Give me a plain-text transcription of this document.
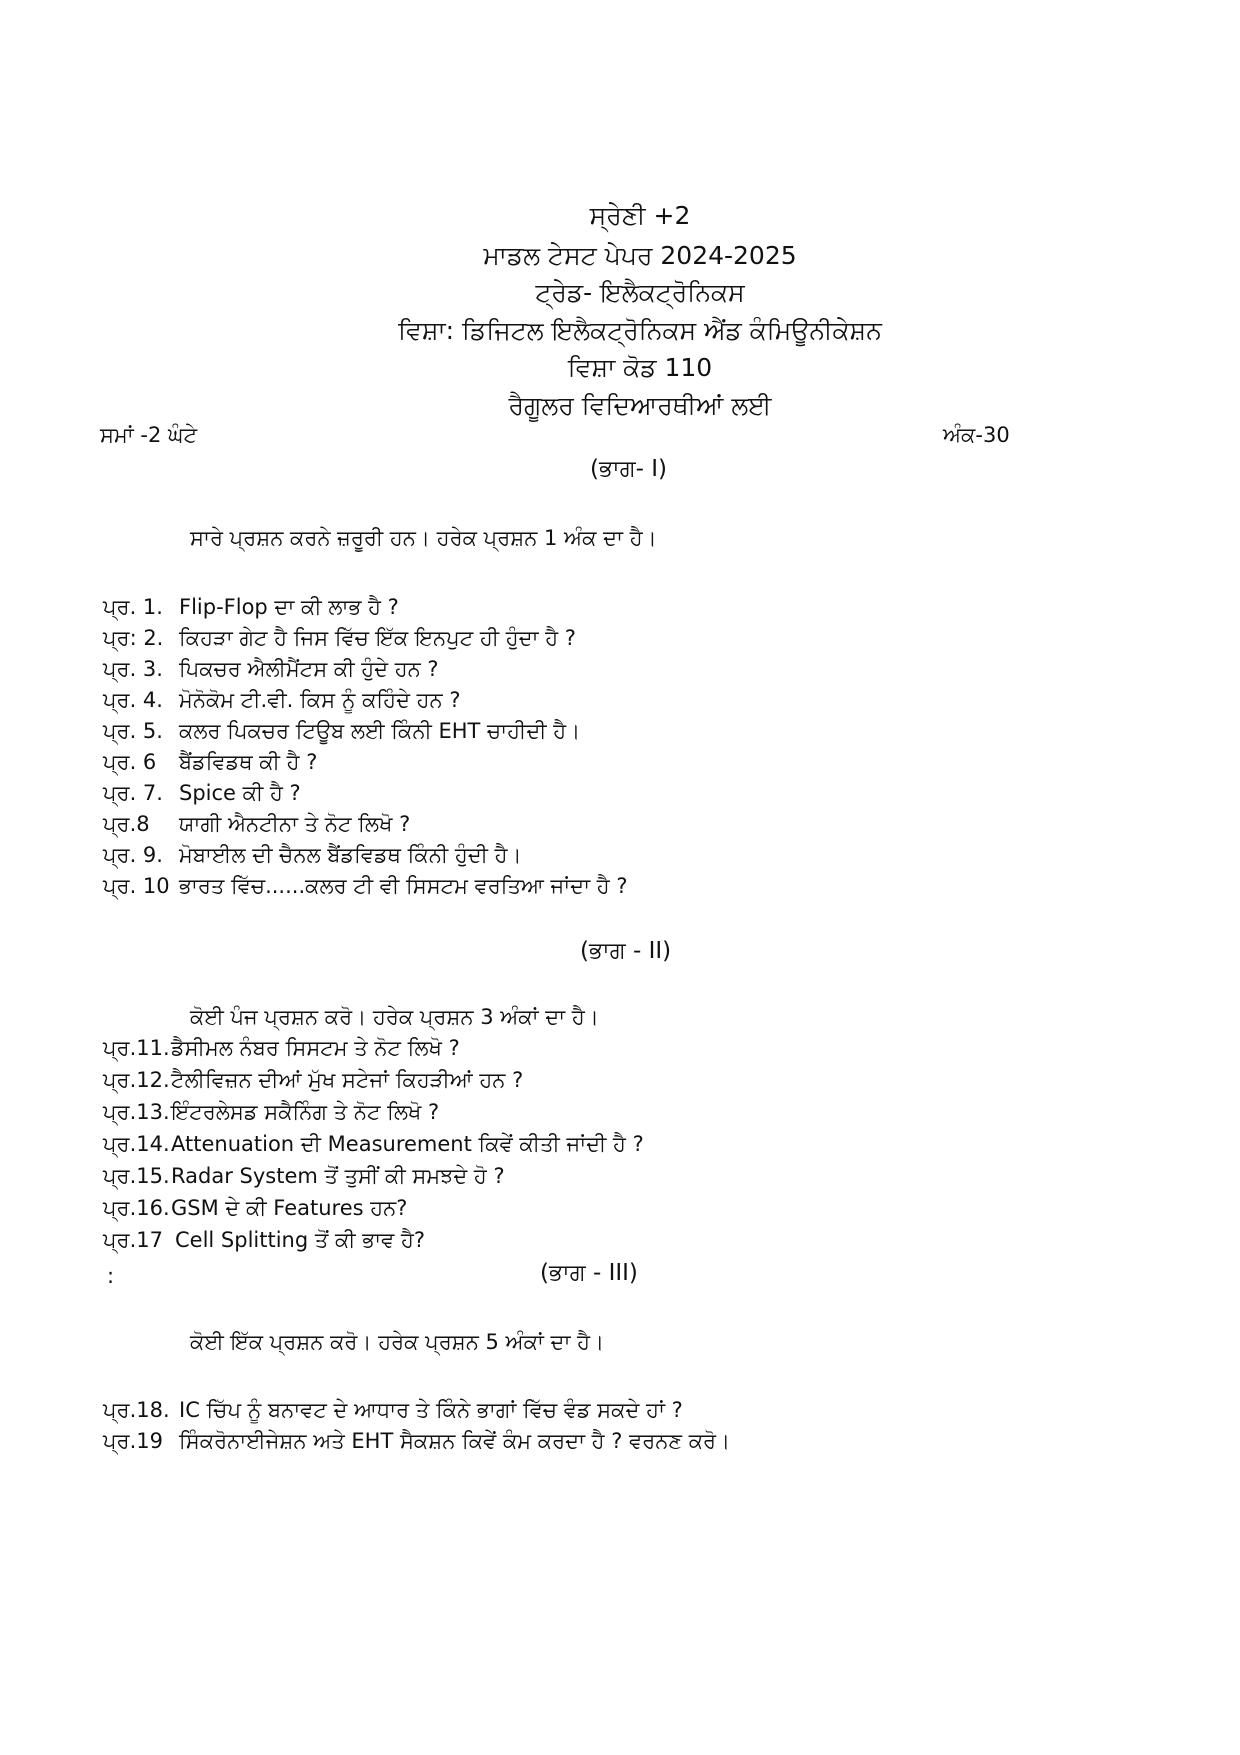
ਸ੍ਰੇਣੀ +2
ਮਾਡਲ ਟੇਸਟ ਪੇਪਰ 2024-2025
ਟ੍ਰੇਡ- ਇਲੈਕਟ੍ਰੋਨਿਕਸ
ਵਿਸ਼ਾ: ਡਿਜਿਟਲ ਇਲੈਕਟ੍ਰੋਨਿਕਸ ਐਂਡ ਕੰਮਿਊਨੀਕੇਸ਼ਨ
ਵਿਸ਼ਾ ਕੋਡ 110
ਰੈਗੂਲਰ ਵਿਦਿਆਰਥੀਆਂ ਲਈ
ਸਮਾਂ -2 ਘੰਟੇ	ਅੰਕ-30
(ਭਾਗ- I)
ਸਾਰੇ ਪ੍ਰਸ਼ਨ ਕਰਨੇ ਜ਼ਰੂਰੀ ਹਨ। ਹਰੇਕ ਪ੍ਰਸ਼ਨ 1 ਅੰਕ ਦਾ ਹੈ।
ਪ੍ਰ. 1. Flip-Flop ਦਾ ਕੀ ਲਾਭ ਹੈ ?
ਪ੍ਰ: 2. ਕਿਹੜਾ ਗੇਟ ਹੈ ਜਿਸ ਵਿੱਚ ਇੱਕ ਇਨਪੁਟ ਹੀ ਹੁੰਦਾ ਹੈ ?
ਪ੍ਰ. 3. ਪਿਕਚਰ ਐਲੀਮੈਂਟਸ ਕੀ ਹੁੰਦੇ ਹਨ ?
ਪ੍ਰ. 4. ਮੋਨੋਕੋਮ ਟੀ.ਵੀ. ਕਿਸ ਨੂੰ ਕਹਿੰਦੇ ਹਨ ?
ਪ੍ਰ. 5. ਕਲਰ ਪਿਕਚਰ ਟਿਊਬ ਲਈ ਕਿੰਨੀ EHT ਚਾਹੀਦੀ ਹੈ।
ਪ੍ਰ. 6 ਬੈਂਡਵਿਡਥ ਕੀ ਹੈ ?
ਪ੍ਰ. 7. Spice ਕੀ ਹੈ ?
ਪ੍ਰ.8 ਯਾਗੀ ਐਨਟੀਨਾ ਤੇ ਨੋਟ ਲਿਖੋ ?
ਪ੍ਰ. 9. ਮੋਬਾਈਲ ਦੀ ਚੈਨਲ ਬੈਂਡਵਿਡਥ ਕਿੰਨੀ ਹੁੰਦੀ ਹੈ।
ਪ੍ਰ. 10 ਭਾਰਤ ਵਿੱਚ......ਕਲਰ ਟੀ ਵੀ ਸਿਸਟਮ ਵਰਤਿਆ ਜਾਂਦਾ ਹੈ ?
(ਭਾਗ - II)
ਕੋਈ ਪੰਜ ਪ੍ਰਸ਼ਨ ਕਰੋ। ਹਰੇਕ ਪ੍ਰਸ਼ਨ 3 ਅੰਕਾਂ ਦਾ ਹੈ।
ਪ੍ਰ.11. ਡੈਸੀਮਲ ਨੰਬਰ ਸਿਸਟਮ ਤੇ ਨੋਟ ਲਿਖੋ ?
ਪ੍ਰ.12. ਟੈਲੀਵਿਜ਼ਨ ਦੀਆਂ ਮੁੱਖ ਸਟੇਜਾਂ ਕਿਹੜੀਆਂ ਹਨ ?
ਪ੍ਰ.13. ਇੰਟਰਲੇਸਡ ਸਕੈਨਿੰਗ ਤੇ ਨੋਟ ਲਿਖੋ ?
ਪ੍ਰ.14. Attenuation ਦੀ Measurement ਕਿਵੇਂ ਕੀਤੀ ਜਾਂਦੀ ਹੈ ?
ਪ੍ਰ.15. Radar System ਤੋਂ ਤੁਸੀਂ ਕੀ ਸਮਝਦੇ ਹੋ ?
ਪ੍ਰ.16. GSM ਦੇ ਕੀ Features ਹਨ?
ਪ੍ਰ.17 Cell Splitting ਤੋਂ ਕੀ ਭਾਵ ਹੈ?
:	(ਭਾਗ - III)
ਕੋਈ ਇੱਕ ਪ੍ਰਸ਼ਨ ਕਰੋ। ਹਰੇਕ ਪ੍ਰਸ਼ਨ 5 ਅੰਕਾਂ ਦਾ ਹੈ।
ਪ੍ਰ.18. IC ਚਿੱਪ ਨੂੰ ਬਨਾਵਟ ਦੇ ਆਧਾਰ ਤੇ ਕਿੰਨੇ ਭਾਗਾਂ ਵਿੱਚ ਵੰਡ ਸਕਦੇ ਹਾਂ ?
ਪ੍ਰ.19 ਸਿੰਕਰੋਨਾਈਜੇਸ਼ਨ ਅਤੇ EHT ਸੈਕਸ਼ਨ ਕਿਵੇਂ ਕੰਮ ਕਰਦਾ ਹੈ ? ਵਰਨਣ ਕਰੋ।
